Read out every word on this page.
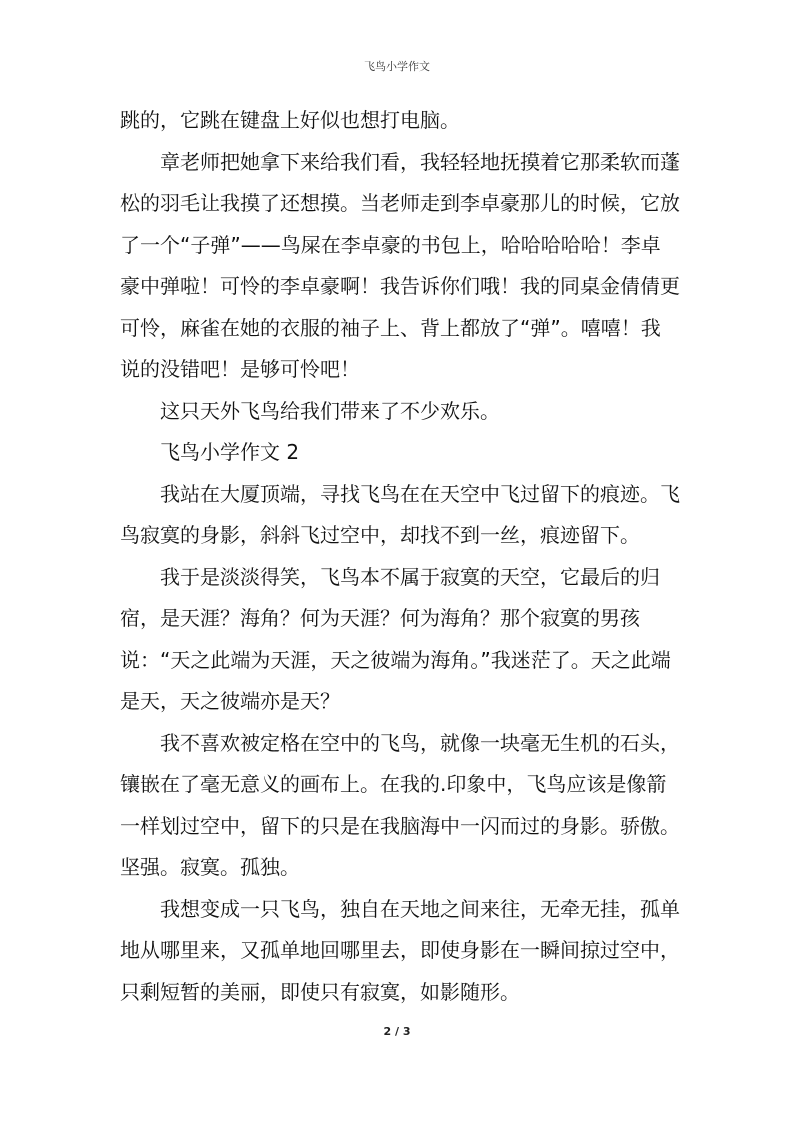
飞鸟小学作文

跳的，它跳在键盘上好似也想打电脑。

章老师把她拿下来给我们看，我轻轻地抚摸着它那柔软而蓬松的羽毛让我摸了还想摸。当老师走到李卓豪那儿的时候，它放了一个“子弹”——鸟屎在李卓豪的书包上，哈哈哈哈哈！李卓豪中弹啦！可怜的李卓豪啊！我告诉你们哦！我的同桌金倩倩更可怜，麻雀在她的衣服的袖子上、背上都放了“弹”。嘻嘻！我说的没错吧！是够可怜吧！

这只天外飞鸟给我们带来了不少欢乐。

飞鸟小学作文 2

我站在大厦顶端，寻找飞鸟在在天空中飞过留下的痕迹。飞鸟寂寞的身影，斜斜飞过空中，却找不到一丝，痕迹留下。

我于是淡淡得笑，飞鸟本不属于寂寞的天空，它最后的归宿，是天涯？海角？何为天涯？何为海角？那个寂寞的男孩说：“天之此端为天涯，天之彼端为海角。”我迷茫了。天之此端是天，天之彼端亦是天？

我不喜欢被定格在空中的飞鸟，就像一块毫无生机的石头，镶嵌在了毫无意义的画布上。在我的.印象中，飞鸟应该是像箭一样划过空中，留下的只是在我脑海中一闪而过的身影。骄傲。坚强。寂寞。孤独。

我想变成一只飞鸟，独自在天地之间来往，无牵无挂，孤单地从哪里来，又孤单地回哪里去，即使身影在一瞬间掠过空中，只剩短暂的美丽，即使只有寂寞，如影随形。

2 / 3
